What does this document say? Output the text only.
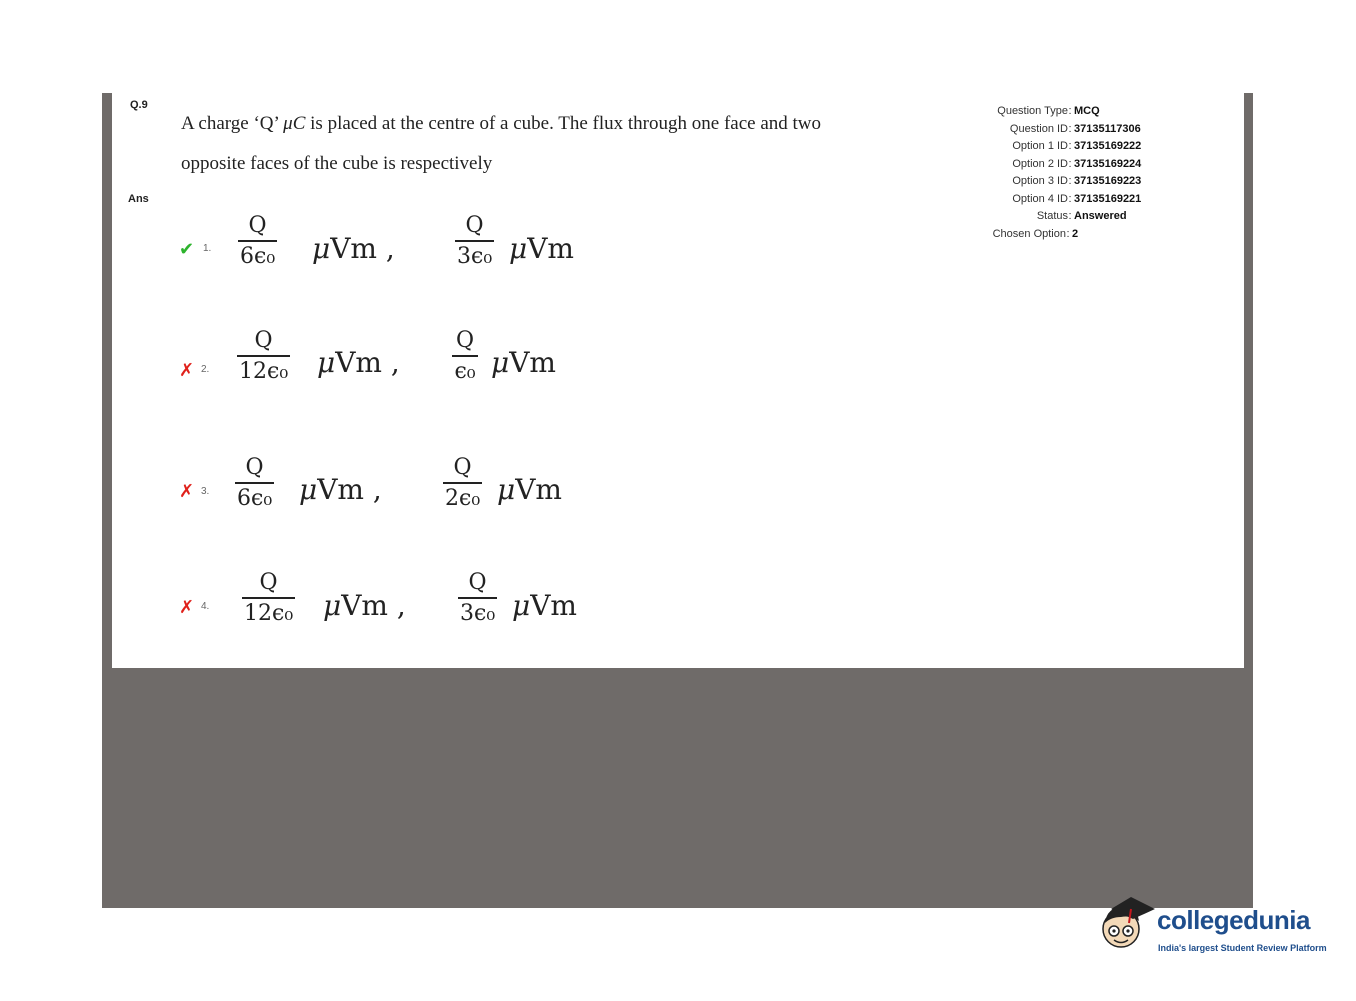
Q.9
Ans
A charge ‘Q’ μC is placed at the centre of a cube. The flux through one face and two
opposite faces of the cube is respectively
Question Type : MCQ
Question ID : 37135117306
Option 1 ID : 37135169222
Option 2 ID : 37135169224
Option 3 ID : 37135169223
Option 4 ID : 37135169221
Status : Answered
Chosen Option : 2
✔ 1.
Q
6ϵ₀ μVm ,
Q
3ϵ₀ μVm
✗ 2.
Q
12ϵ₀ μVm ,
Q
ϵ₀ μVm
✗ 3.
Q
6ϵ₀ μVm ,
Q
2ϵ₀ μVm
✗ 4.
Q
12ϵ₀ μVm ,
Q
3ϵ₀ μVm
collegedunia
India's largest Student Review Platform
